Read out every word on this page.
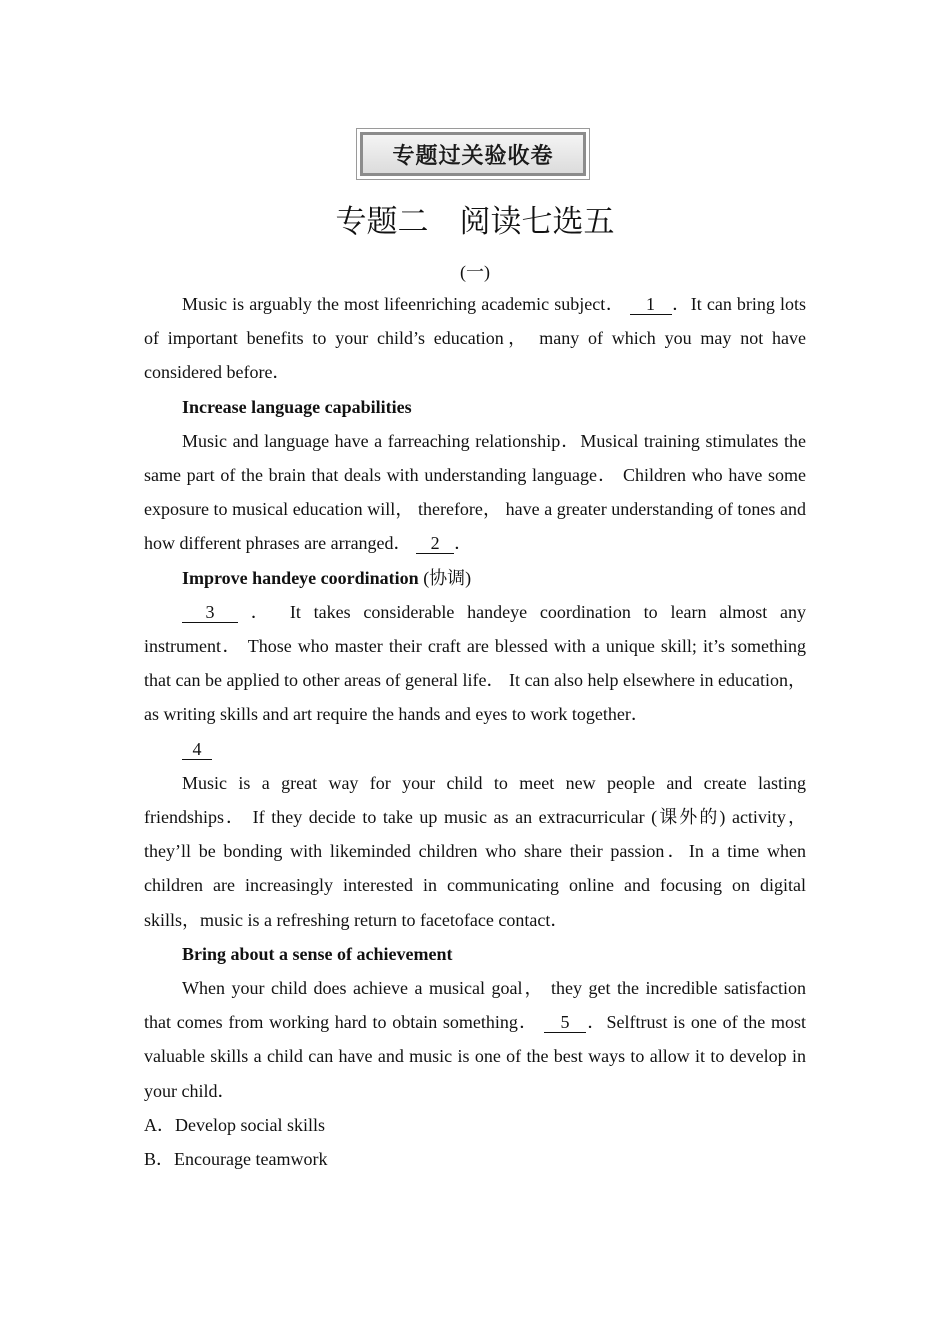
专题过关验收卷
专题二　阅读七选五
(一)

Music is arguably the most lifeenriching academic subject． 1 ．It can bring lots of important benefits to your child’s education， many of which you may not have considered before．

Increase language capabilities

Music and language have a farreaching relationship．Musical training stimulates the same part of the brain that deals with understanding language． Children who have some exposure to musical education will， therefore， have a greater understanding of tones and how different phrases are arranged． 2 ．

Improve handeye coordination (协调)

3 ． It takes considerable handeye coordination to learn almost any instrument． Those who master their craft are blessed with a unique skill; it’s something that can be applied to other areas of general life． It can also help elsewhere in education，as writing skills and art require the hands and eyes to work together．

4

Music is a great way for your child to meet new people and create lasting friendships． If they decide to take up music as an extracurricular (课外的) activity，they’ll be bonding with likeminded children who share their passion．In a time when children are increasingly interested in communicating online and focusing on digital skills，music is a refreshing return to facetoface contact．

Bring about a sense of achievement

When your child does achieve a musical goal， they get the incredible satisfaction that comes from working hard to obtain something． 5 ．Selftrust is one of the most valuable skills a child can have and music is one of the best ways to allow it to develop in your child．

A．Develop social skills

B．Encourage teamwork
